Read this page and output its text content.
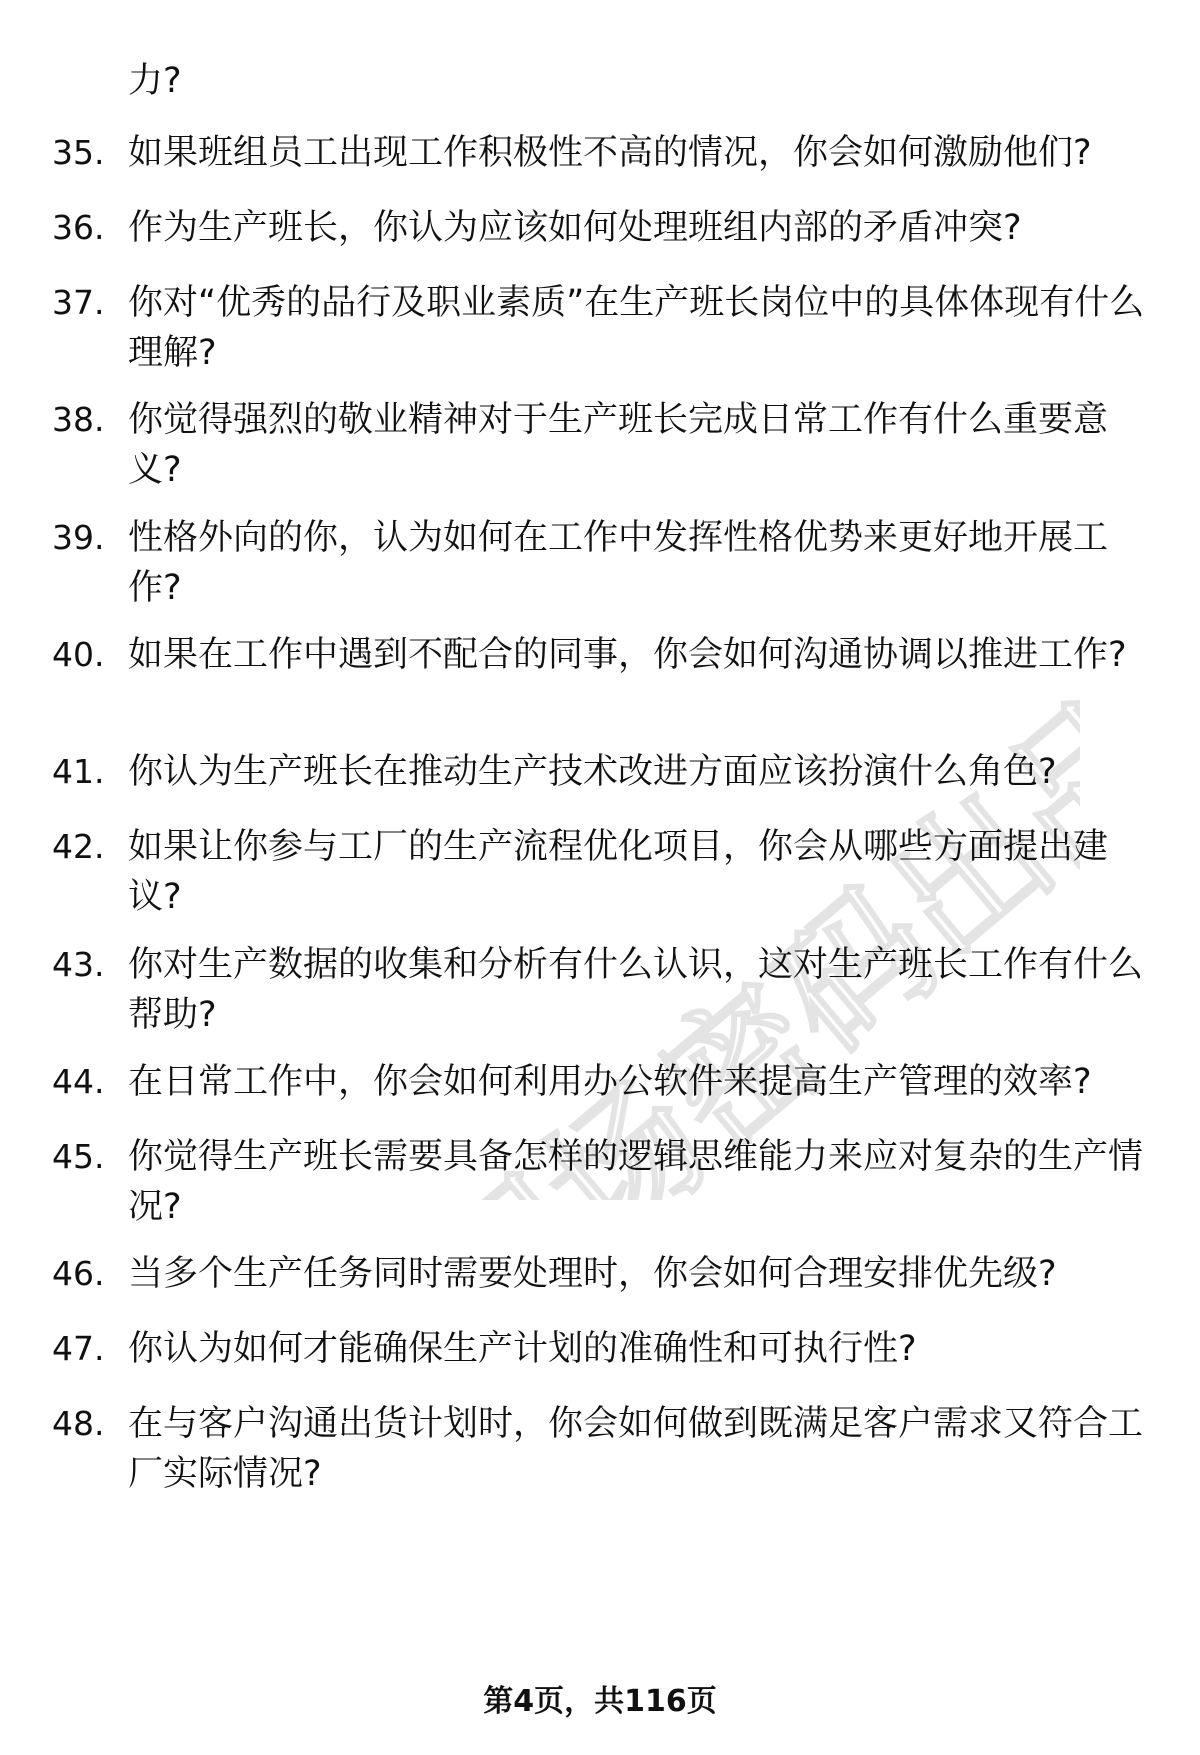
职场密码出品
力?
35. 如果班组员工出现工作积极性不高的情况，你会如何激励他们?
36. 作为生产班长，你认为应该如何处理班组内部的矛盾冲突?
37. 你对“优秀的品行及职业素质”在生产班长岗位中的具体体现有什么理解?
38. 你觉得强烈的敬业精神对于生产班长完成日常工作有什么重要意义?
39. 性格外向的你，认为如何在工作中发挥性格优势来更好地开展工作?
40. 如果在工作中遇到不配合的同事，你会如何沟通协调以推进工作?
41. 你认为生产班长在推动生产技术改进方面应该扮演什么角色?
42. 如果让你参与工厂的生产流程优化项目，你会从哪些方面提出建议?
43. 你对生产数据的收集和分析有什么认识，这对生产班长工作有什么帮助?
44. 在日常工作中，你会如何利用办公软件来提高生产管理的效率?
45. 你觉得生产班长需要具备怎样的逻辑思维能力来应对复杂的生产情况?
46. 当多个生产任务同时需要处理时，你会如何合理安排优先级?
47. 你认为如何才能确保生产计划的准确性和可执行性?
48. 在与客户沟通出货计划时，你会如何做到既满足客户需求又符合工厂实际情况?
第4页，共116页
